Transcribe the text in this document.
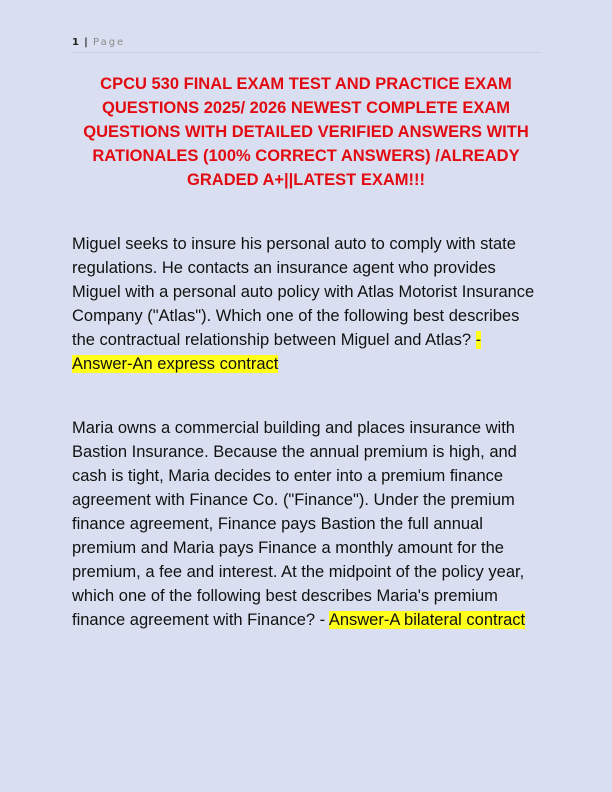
1 | Page
CPCU 530 FINAL EXAM TEST AND PRACTICE EXAM QUESTIONS 2025/ 2026 NEWEST COMPLETE EXAM QUESTIONS WITH DETAILED VERIFIED ANSWERS WITH RATIONALES (100% CORRECT ANSWERS) /ALREADY GRADED A+||LATEST EXAM!!!

Miguel seeks to insure his personal auto to comply with state regulations. He contacts an insurance agent who provides Miguel with a personal auto policy with Atlas Motorist Insurance Company ("Atlas"). Which one of the following best describes the contractual relationship between Miguel and Atlas? - Answer-An express contract

Maria owns a commercial building and places insurance with Bastion Insurance. Because the annual premium is high, and cash is tight, Maria decides to enter into a premium finance agreement with Finance Co. ("Finance"). Under the premium finance agreement, Finance pays Bastion the full annual premium and Maria pays Finance a monthly amount for the premium, a fee and interest. At the midpoint of the policy year, which one of the following best describes Maria's premium finance agreement with Finance? - Answer-A bilateral contract
